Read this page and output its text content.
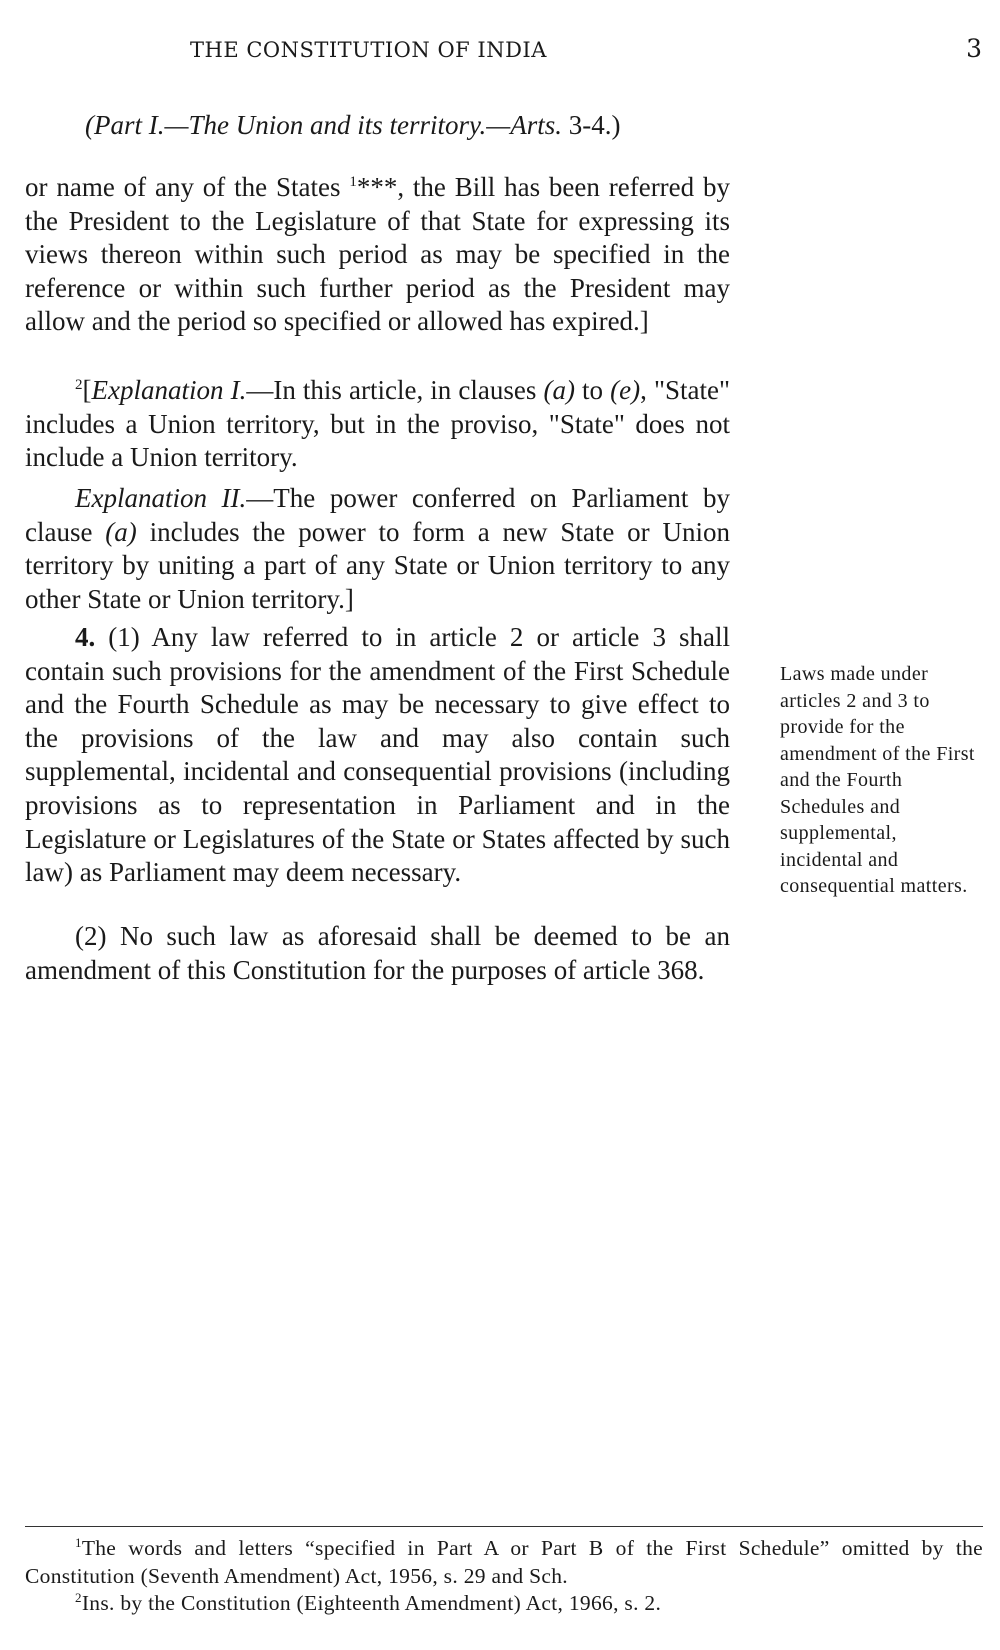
THE CONSTITUTION OF INDIA	3
(Part I.—The Union and its territory.—Arts. 3-4.)

or name of any of the States $^1$***, the Bill has been referred by the President to the Legislature of that State for expressing its views thereon within such period as may be specified in the reference or within such further period as the President may allow and the period so specified or allowed has expired.]

$^2$[Explanation I.—In this article, in clauses (a) to (e), "State" includes a Union territory, but in the proviso, "State" does not include a Union territory.

Explanation II.—The power conferred on Parliament by clause (a) includes the power to form a new State or Union territory by uniting a part of any State or Union territory to any other State or Union territory.]

4. (1) Any law referred to in article 2 or article 3 shall contain such provisions for the amendment of the First Schedule and the Fourth Schedule as may be necessary to give effect to the provisions of the law and may also contain such supplemental, incidental and consequential provisions (including provisions as to representation in Parliament and in the Legislature or Legislatures of the State or States affected by such law) as Parliament may deem necessary.

(2) No such law as aforesaid shall be deemed to be an amendment of this Constitution for the purposes of article 368.

Laws made under articles 2 and 3 to provide for the amendment of the First and the Fourth Schedules and supplemental, incidental and consequential matters.

$^1$The words and letters “specified in Part A or Part B of the First Schedule” omitted by the Constitution (Seventh Amendment) Act, 1956, s. 29 and Sch.

$^2$Ins. by the Constitution (Eighteenth Amendment) Act, 1966, s. 2.
